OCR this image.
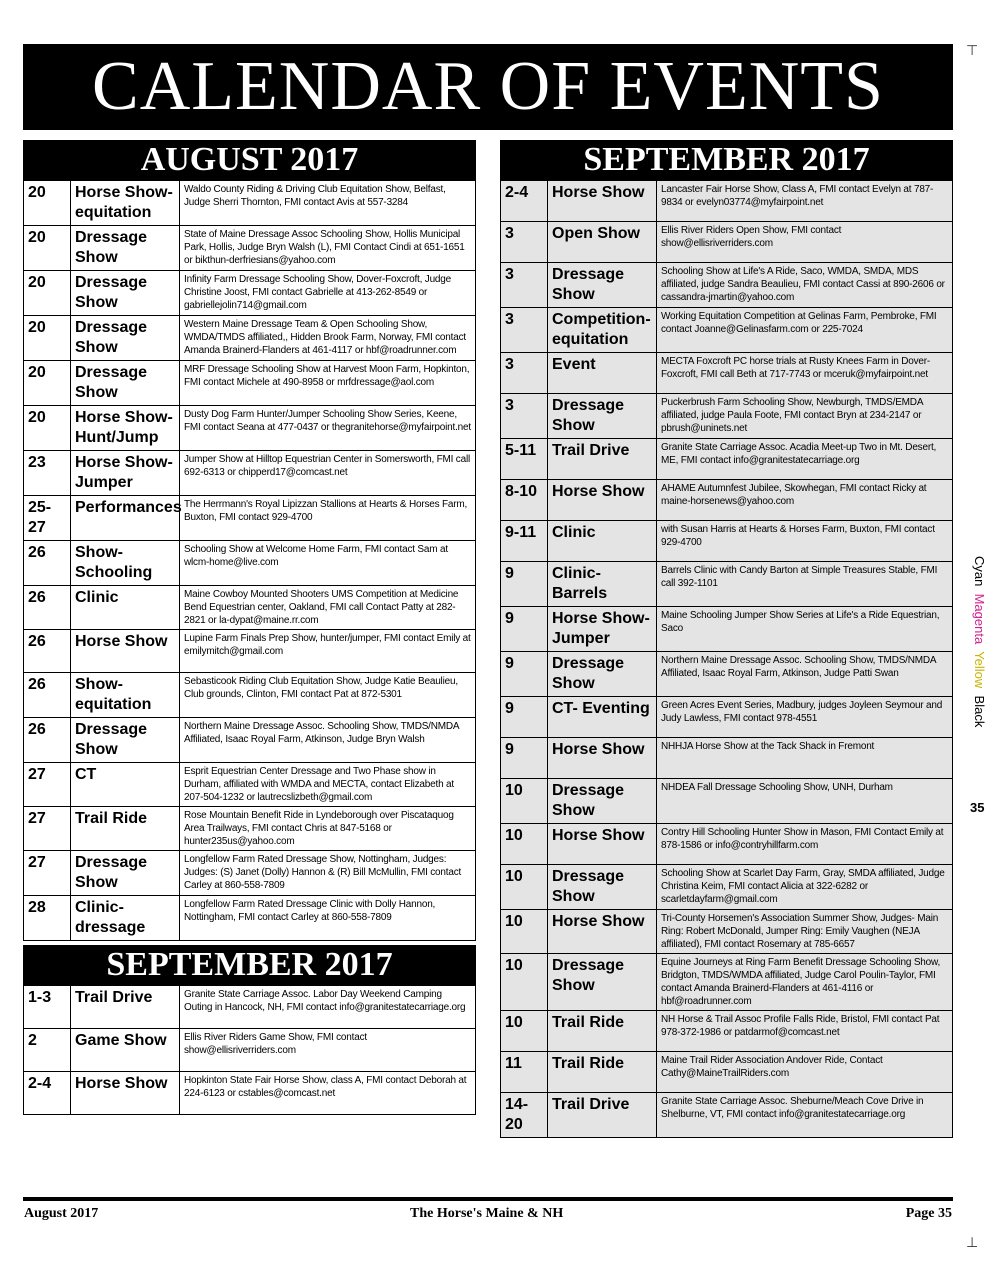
CALENDAR OF EVENTS
AUGUST 2017
20	Horse Show- equitation	Waldo County Riding & Driving Club Equitation Show, Belfast, Judge Sherri Thornton, FMI contact Avis at 557-3284
20	Dressage Show	State of Maine Dressage Assoc Schooling Show, Hollis Municipal Park, Hollis, Judge Bryn Walsh (L), FMI Contact Cindi at 651-1651 or bikthun-derfriesians@yahoo.com
20	Dressage Show	Infinity Farm Dressage Schooling Show, Dover-Foxcroft, Judge Christine Joost, FMI contact Gabrielle at 413-262-8549 or gabriellejolin714@gmail.com
20	Dressage Show	Western Maine Dressage Team & Open Schooling Show, WMDA/TMDS affiliated,, Hidden Brook Farm, Norway, FMI contact Amanda Brainerd-Flanders at 461-4117 or hbf@roadrunner.com
20	Dressage Show	MRF Dressage Schooling Show at Harvest Moon Farm, Hopkinton, FMI contact Michele at 490-8958 or mrfdressage@aol.com
20	Horse Show- Hunt/Jump	Dusty Dog Farm Hunter/Jumper Schooling Show Series, Keene, FMI contact Seana at 477-0437 or thegranitehorse@myfairpoint.net
23	Horse Show- Jumper	Jumper Show at Hilltop Equestrian Center in Somersworth, FMI call 692-6313 or chipperd17@comcast.net
25-27	Performances	The Herrmann's Royal Lipizzan Stallions at Hearts & Horses Farm, Buxton, FMI contact 929-4700
26	Show- Schooling	Schooling Show at Welcome Home Farm, FMI contact Sam at wlcm-home@live.com
26	Clinic	Maine Cowboy Mounted Shooters UMS Competition at Medicine Bend Equestrian center, Oakland, FMI call Contact Patty at 282-2821 or la-dypat@maine.rr.com
26	Horse Show	Lupine Farm Finals Prep Show, hunter/jumper, FMI contact Emily at emilymitch@gmail.com
26	Show- equitation	Sebasticook Riding Club Equitation Show, Judge Katie Beaulieu, Club grounds, Clinton, FMI contact Pat at 872-5301
26	Dressage Show	Northern Maine Dressage Assoc. Schooling Show, TMDS/NMDA Affiliated, Isaac Royal Farm, Atkinson, Judge Bryn Walsh
27	CT	Esprit Equestrian Center Dressage and Two Phase show in Durham, affiliated with WMDA and MECTA, contact Elizabeth at 207-504-1232 or lautrecslizbeth@gmail.com
27	Trail Ride	Rose Mountain Benefit Ride in Lyndeborough over Piscataquog Area Trailways, FMI contact Chris at 847-5168 or hunter235us@yahoo.com
27	Dressage Show	Longfellow Farm Rated Dressage Show, Nottingham, Judges: Judges: (S) Janet (Dolly) Hannon & (R) Bill McMullin, FMI contact Carley at 860-558-7809
28	Clinic- dressage	Longfellow Farm Rated Dressage Clinic with Dolly Hannon, Nottingham, FMI contact Carley at 860-558-7809
SEPTEMBER 2017
1-3	Trail Drive	Granite State Carriage Assoc. Labor Day Weekend Camping Outing in Hancock, NH, FMI contact info@granitestatecarriage.org
2	Game Show	Ellis River Riders Game Show, FMI contact show@ellisriverriders.com
2-4	Horse Show	Hopkinton State Fair Horse Show, class A, FMI contact Deborah at 224-6123 or cstables@comcast.net
SEPTEMBER 2017
2-4	Horse Show	Lancaster Fair Horse Show, Class A, FMI contact Evelyn at 787-9834 or evelyn03774@myfairpoint.net
3	Open Show	Ellis River Riders Open Show, FMI contact show@ellisriverriders.com
3	Dressage Show	Schooling Show at Life's A Ride, Saco, WMDA, SMDA, MDS affiliated, judge Sandra Beaulieu, FMI contact Cassi at 890-2606 or cassandra-jmartin@yahoo.com
3	Competition- equitation	Working Equitation Competition at Gelinas Farm, Pembroke, FMI contact Joanne@Gelinasfarm.com or 225-7024
3	Event	MECTA Foxcroft PC horse trials at Rusty Knees Farm in Dover-Foxcroft, FMI call Beth at 717-7743 or mceruk@myfairpoint.net
3	Dressage Show	Puckerbrush Farm Schooling Show, Newburgh, TMDS/EMDA affiliated, judge Paula Foote, FMI contact Bryn at 234-2147 or pbrush@uninets.net
5-11	Trail Drive	Granite State Carriage Assoc. Acadia Meet-up Two in Mt. Desert, ME, FMI contact info@granitestatecarriage.org
8-10	Horse Show	AHAME Autumnfest Jubilee, Skowhegan, FMI contact Ricky at maine-horsenews@yahoo.com
9-11	Clinic	with Susan Harris at Hearts & Horses Farm, Buxton, FMI contact 929-4700
9	Clinic- Barrels	Barrels Clinic with Candy Barton at Simple Treasures Stable, FMI call 392-1101
9	Horse Show- Jumper	Maine Schooling Jumper Show Series at Life's a Ride Equestrian, Saco
9	Dressage Show	Northern Maine Dressage Assoc. Schooling Show, TMDS/NMDA Affiliated, Isaac Royal Farm, Atkinson, Judge Patti Swan
9	CT- Eventing	Green Acres Event Series, Madbury, judges Joyleen Seymour and Judy Lawless, FMI contact 978-4551
9	Horse Show	NHHJA Horse Show at the Tack Shack in Fremont
10	Dressage Show	NHDEA Fall Dressage Schooling Show, UNH, Durham
10	Horse Show	Contry Hill Schooling Hunter Show in Mason, FMI Contact Emily at 878-1586 or info@contryhillfarm.com
10	Dressage Show	Schooling Show at Scarlet Day Farm, Gray, SMDA affiliated, Judge Christina Keim, FMI contact Alicia at 322-6282 or scarletdayfarm@gmail.com
10	Horse Show	Tri-County Horsemen's Association Summer Show, Judges- Main Ring: Robert McDonald, Jumper Ring: Emily Vaughen (NEJA affiliated), FMI contact Rosemary at 785-6657
10	Dressage Show	Equine Journeys at Ring Farm Benefit Dressage Schooling Show, Bridgton, TMDS/WMDA affiliated, Judge Carol Poulin-Taylor, FMI contact Amanda Brainerd-Flanders at 461-4116 or hbf@roadrunner.com
10	Trail Ride	NH Horse & Trail Assoc Profile Falls Ride, Bristol, FMI contact Pat 978-372-1986 or patdarmof@comcast.net
11	Trail Ride	Maine Trail Rider Association Andover Ride, Contact Cathy@MaineTrailRiders.com
14-20	Trail Drive	Granite State Carriage Assoc. Sheburne/Meach Cove Drive in Shelburne, VT, FMI contact info@granitestatecarriage.org
August 2017	The Horse's Maine & NH	Page 35
Cyan  Magenta  Yellow  Black
35
⊤
⊥
